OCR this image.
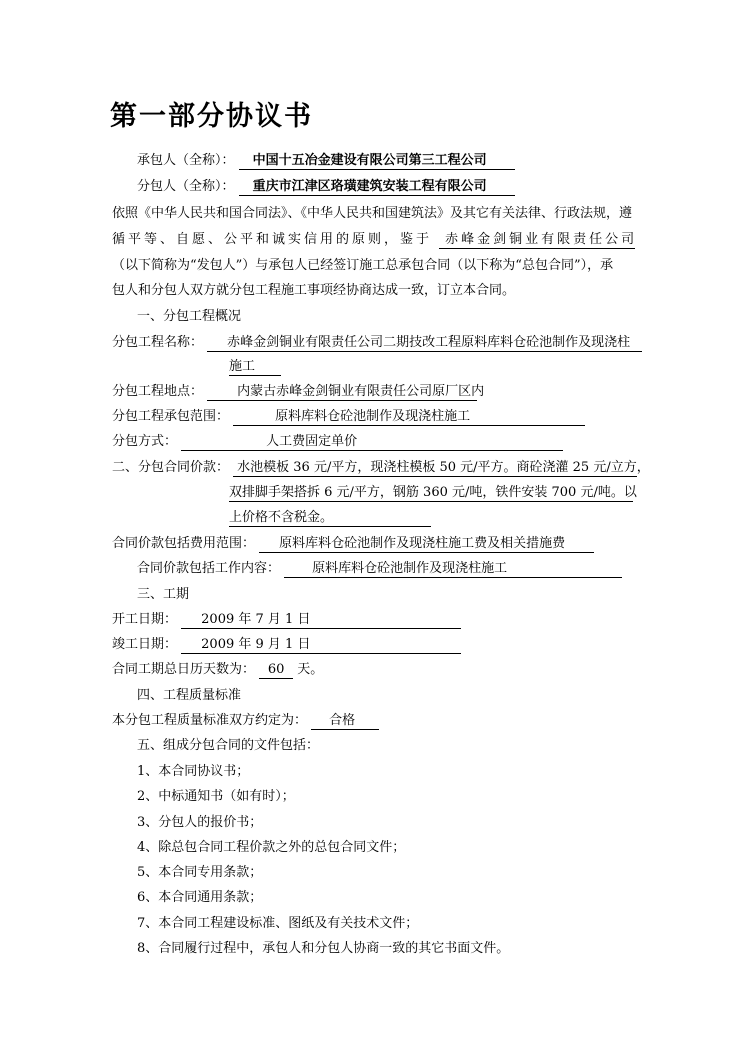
第一部分协议书
承包人（全称）： 中国十五冶金建设有限公司第三工程公司
分包人（全称）： 重庆市江津区珞璜建筑安装工程有限公司
依照《中华人民共和国合同法》、《中华人民共和国建筑法》及其它有关法律、行政法规，遵
循平等、自愿、公平和诚实信用的原则，鉴于 赤峰金剑铜业有限责任公司
（以下简称为“发包人”）与承包人已经签订施工总承包合同（以下称为“总包合同”），承
包人和分包人双方就分包工程施工事项经协商达成一致，订立本合同。
一、分包工程概况
分包工程名称： 赤峰金剑铜业有限责任公司二期技改工程原料库料仓砼池制作及现浇柱
施工
分包工程地点：	内蒙古赤峰金剑铜业有限责任公司原厂区内
分包工程承包范围：	原料库料仓砼池制作及现浇柱施工
分包方式：	人工费固定单价
二、分包合同价款： 水池模板 36 元/平方，现浇柱模板 50 元/平方。商砼浇灌 25 元/立方，
双排脚手架搭拆 6 元/平方，钢筋 360 元/吨，铁件安装 700 元/吨。以
上价格不含税金。
合同价款包括费用范围： 原料库料仓砼池制作及现浇柱施工费及相关措施费
合同价款包括工作内容： 原料库料仓砼池制作及现浇柱施工
三、工期
开工日期： 2009 年 7 月 1 日
竣工日期： 2009 年 9 月 1 日
合同工期总日历天数为： 60 天。
四、工程质量标准
本分包工程质量标准双方约定为： 合格
五、组成分包合同的文件包括：
1、本合同协议书；
2、中标通知书（如有时）；
3、分包人的报价书；
4、除总包合同工程价款之外的总包合同文件；
5、本合同专用条款；
6、本合同通用条款；
7、本合同工程建设标准、图纸及有关技术文件；
8、合同履行过程中，承包人和分包人协商一致的其它书面文件。
